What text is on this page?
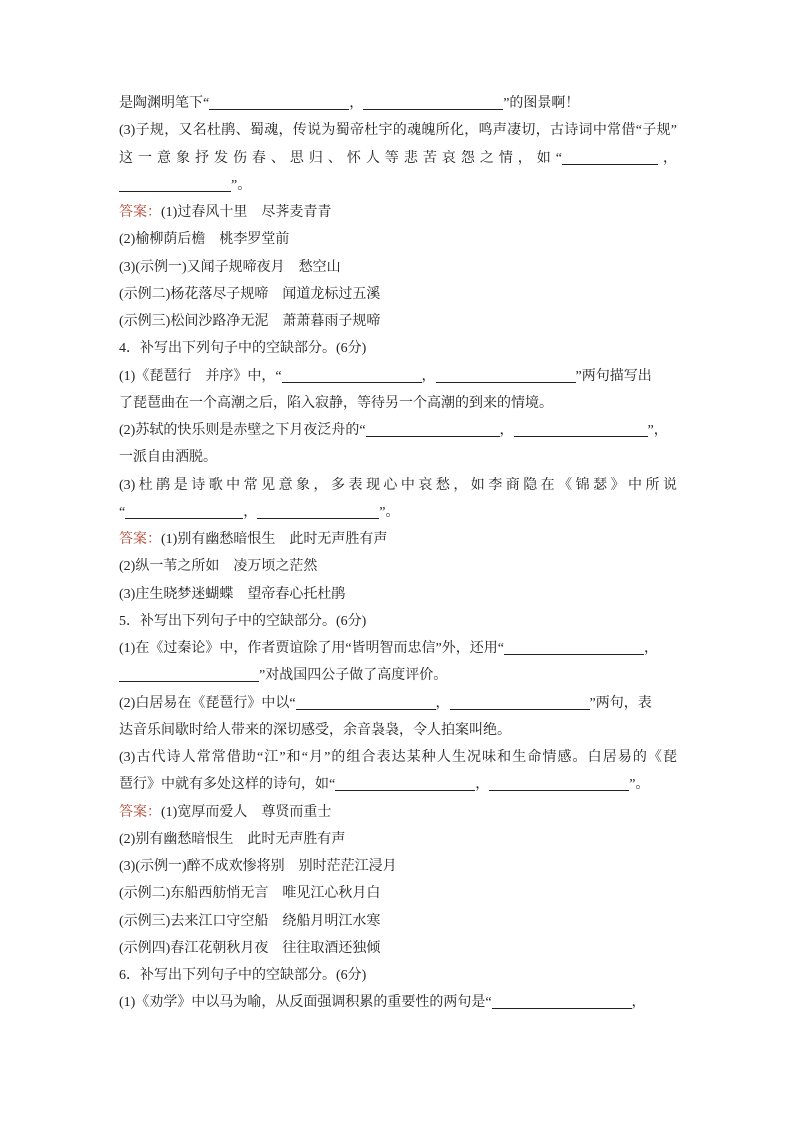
是陶渊明笔下“	，	”的图景啊！
(3)子规，又名杜鹃、蜀魂，传说为蜀帝杜宇的魂魄所化，鸣声凄切，古诗词中常借“子规”
这一意象抒发伤春、思归、怀人等悲苦哀怨之情，如“	，
”。
答案：(1)过春风十里　尽荠麦青青
(2)榆柳荫后檐　桃李罗堂前
(3)(示例一)又闻子规啼夜月　愁空山
(示例二)杨花落尽子规啼　闻道龙标过五溪
(示例三)松间沙路净无泥　萧萧暮雨子规啼
4．补写出下列句子中的空缺部分。(6分)
(1)《琵琶行　并序》中，“	，	”两句描写出
了琵琶曲在一个高潮之后，陷入寂静，等待另一个高潮的到来的情境。
(2)苏轼的快乐则是赤壁之下月夜泛舟的“	，	”，
一派自由洒脱。
(3)杜鹃是诗歌中常见意象，多表现心中哀愁，如李商隐在《锦瑟》中所说
“	，	”。
答案：(1)别有幽愁暗恨生　此时无声胜有声
(2)纵一苇之所如　凌万顷之茫然
(3)庄生晓梦迷蝴蝶　望帝春心托杜鹃
5．补写出下列句子中的空缺部分。(6分)
(1)在《过秦论》中，作者贾谊除了用“皆明智而忠信”外，还用“	，
”对战国四公子做了高度评价。
(2)白居易在《琵琶行》中以“	，	”两句，表
达音乐间歇时给人带来的深切感受，余音袅袅，令人拍案叫绝。
(3)古代诗人常常借助“江”和“月”的组合表达某种人生况味和生命情感。白居易的《琵
琶行》中就有多处这样的诗句，如“	，	”。
答案：(1)宽厚而爱人　尊贤而重士
(2)别有幽愁暗恨生　此时无声胜有声
(3)(示例一)醉不成欢惨将别　别时茫茫江浸月
(示例二)东船西舫悄无言　唯见江心秋月白
(示例三)去来江口守空船　绕船月明江水寒
(示例四)春江花朝秋月夜　往往取酒还独倾
6．补写出下列句子中的空缺部分。(6分)
(1)《劝学》中以马为喻，从反面强调积累的重要性的两句是“	，
